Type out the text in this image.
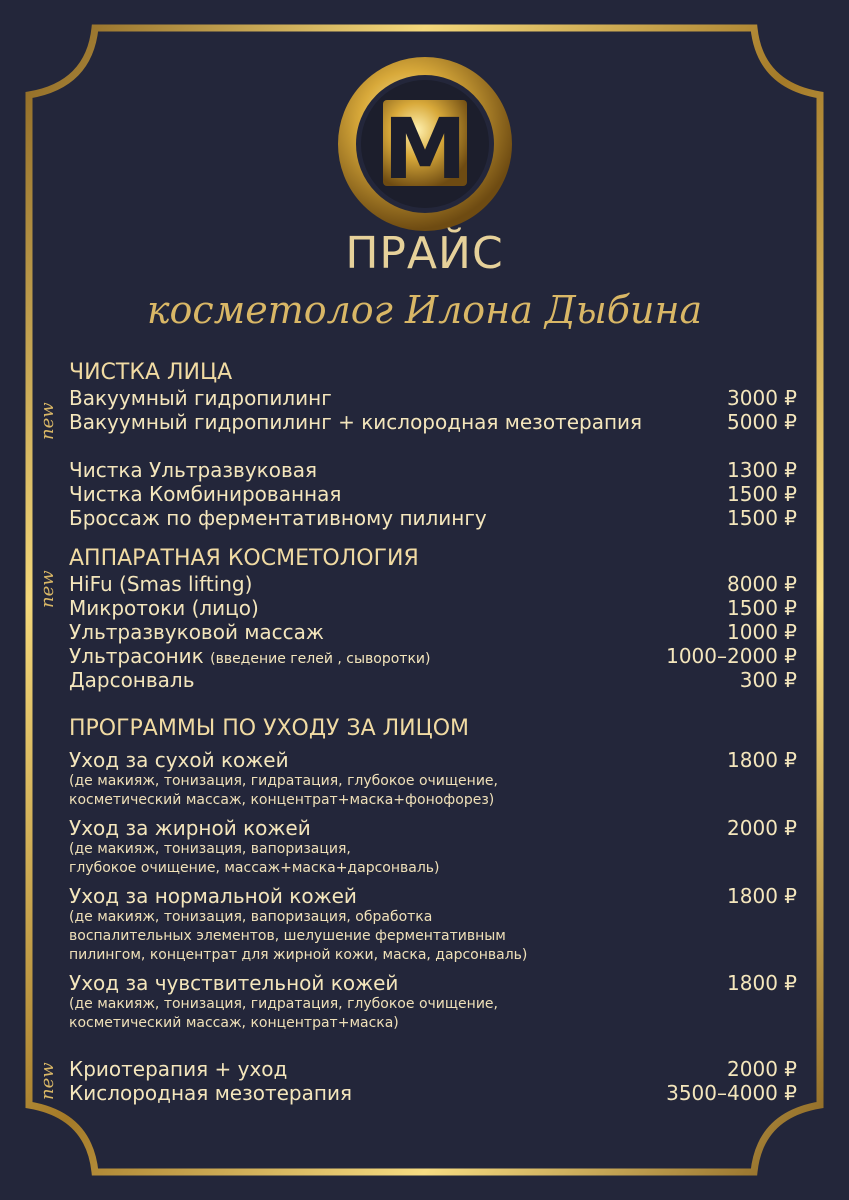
M
ПРАЙС
косметолог Илона Дыбина
new
new
new
ЧИСТКА ЛИЦА
Вакуумный гидропилинг	3000 ₽
Вакуумный гидропилинг + кислородная мезотерапия	5000 ₽
Чистка Ультразвуковая	1300 ₽
Чистка Комбинированная	1500 ₽
Броссаж по ферментативному пилингу	1500 ₽
АППАРАТНАЯ КОСМЕТОЛОГИЯ
HiFu (Smas lifting)	8000 ₽
Микротоки (лицо)	1500 ₽
Ультразвуковой массаж	1000 ₽
Ультрасоник (введение гелей , сыворотки)	1000–2000 ₽
Дарсонваль	300 ₽
ПРОГРАММЫ ПО УХОДУ ЗА ЛИЦОМ
Уход за сухой кожей	1800 ₽
(де макияж, тонизация, гидратация, глубокое очищение,
косметический массаж, концентрат+маска+фонофорез)
Уход за жирной кожей	2000 ₽
(де макияж, тонизация, вапоризация,
глубокое очищение, массаж+маска+дарсонваль)
Уход за нормальной кожей	1800 ₽
(де макияж, тонизация, вапоризация, обработка
воспалительных элементов, шелушение ферментативным
пилингом, концентрат для жирной кожи, маска, дарсонваль)
Уход за чувствительной кожей	1800 ₽
(де макияж, тонизация, гидратация, глубокое очищение,
косметический массаж, концентрат+маска)
Криотерапия + уход	2000 ₽
Кислородная мезотерапия	3500–4000 ₽
